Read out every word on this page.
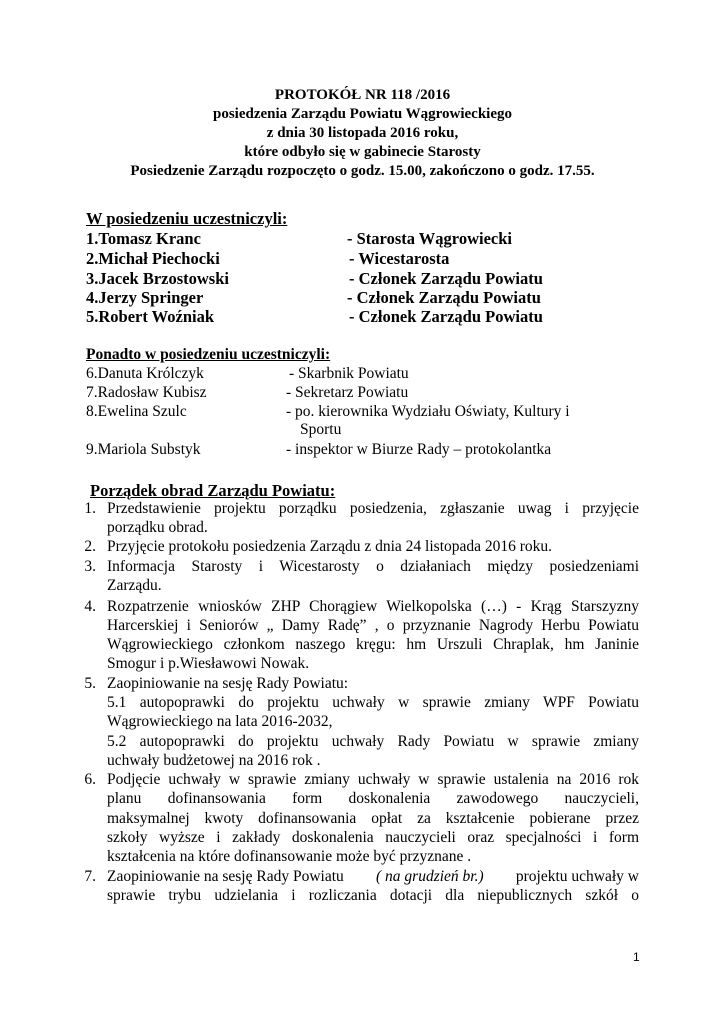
PROTOKÓŁ NR 118 /2016
posiedzenia Zarządu Powiatu Wągrowieckiego
z dnia 30 listopada 2016 roku,
które odbyło się w gabinecie Starosty
Posiedzenie Zarządu rozpoczęto o godz. 15.00, zakończono o godz. 17.55.
W posiedzeniu uczestniczyli:
1.Tomasz Kranc	- Starosta Wągrowiecki
2.Michał Piechocki	- Wicestarosta
3.Jacek Brzostowski	- Członek Zarządu Powiatu
4.Jerzy Springer	- Członek Zarządu Powiatu
5.Robert Woźniak	- Członek Zarządu Powiatu
Ponadto w posiedzeniu uczestniczyli:
6.Danuta Królczyk	- Skarbnik Powiatu
7.Radosław Kubisz	- Sekretarz Powiatu
8.Ewelina Szulc	- po. kierownika Wydziału Oświaty, Kultury i
Sportu
9.Mariola Substyk	- inspektor w Biurze Rady – protokolantka
Porządek obrad Zarządu Powiatu:
1. Przedstawienie projektu porządku posiedzenia, zgłaszanie uwag i przyjęcie
porządku obrad.
2. Przyjęcie protokołu posiedzenia Zarządu z dnia 24 listopada 2016 roku.
3. Informacja Starosty i Wicestarosty o działaniach między posiedzeniami
Zarządu.
4. Rozpatrzenie wniosków ZHP Chorągiew Wielkopolska (…) - Krąg Starszyzny
Harcerskiej i Seniorów „ Damy Radę” , o przyznanie Nagrody Herbu Powiatu
Wągrowieckiego członkom naszego kręgu: hm Urszuli Chraplak, hm Janinie
Smogur i p.Wiesławowi Nowak.
5. Zaopiniowanie na sesję Rady Powiatu:
5.1 autopoprawki do projektu uchwały w sprawie zmiany WPF Powiatu
Wągrowieckiego na lata 2016-2032,
5.2 autopoprawki do projektu uchwały Rady Powiatu w sprawie zmiany
uchwały budżetowej na 2016 rok .
6. Podjęcie uchwały w sprawie zmiany uchwały w sprawie ustalenia na 2016 rok
planu dofinansowania form doskonalenia zawodowego nauczycieli,
maksymalnej kwoty dofinansowania opłat za kształcenie pobierane przez
szkoły wyższe i zakłady doskonalenia nauczycieli oraz specjalności i form
kształcenia na które dofinansowanie może być przyznane .
7. Zaopiniowanie na sesję Rady Powiatu ( na grudzień br.) projektu uchwały w
sprawie trybu udzielania i rozliczania dotacji dla niepublicznych szkół o
1
